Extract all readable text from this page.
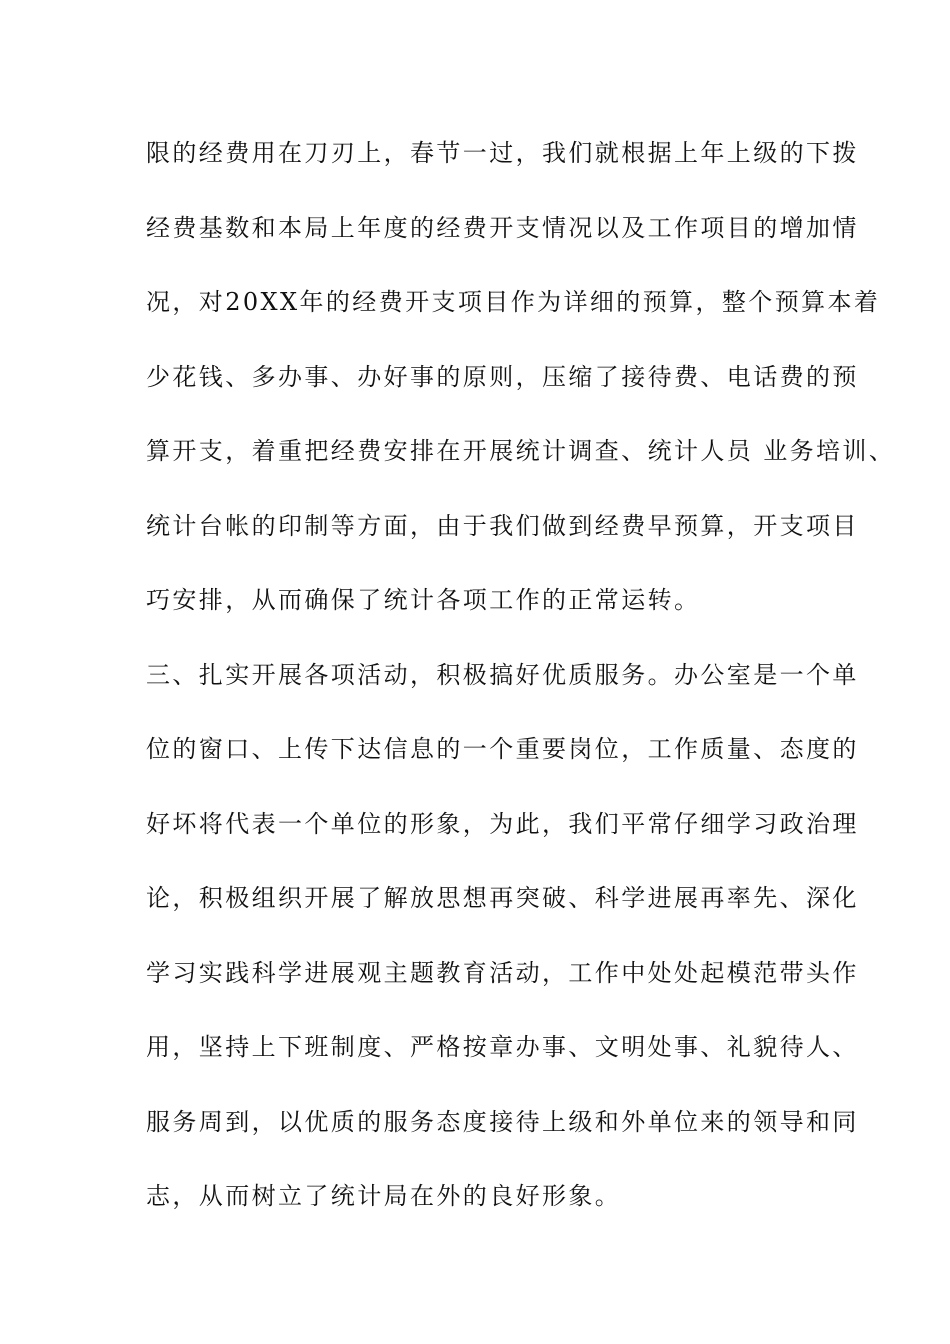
限的经费用在刀刃上，春节一过，我们就根据上年上级的下拨
经费基数和本局上年度的经费开支情况以及工作项目的增加情
况，对20XX年的经费开支项目作为详细的预算，整个预算本着
少花钱、多办事、办好事的原则，压缩了接待费、电话费的预
算开支，着重把经费安排在开展统计调查、统计人员 业务培训、
统计台帐的印制等方面，由于我们做到经费早预算，开支项目
巧安排，从而确保了统计各项工作的正常运转。
三、扎实开展各项活动，积极搞好优质服务。办公室是一个单
位的窗口、上传下达信息的一个重要岗位，工作质量、态度的
好坏将代表一个单位的形象，为此，我们平常仔细学习政治理
论，积极组织开展了解放思想再突破、科学进展再率先、深化
学习实践科学进展观主题教育活动，工作中处处起模范带头作
用，坚持上下班制度、严格按章办事、文明处事、礼貌待人、
服务周到，以优质的服务态度接待上级和外单位来的领导和同
志，从而树立了统计局在外的良好形象。
